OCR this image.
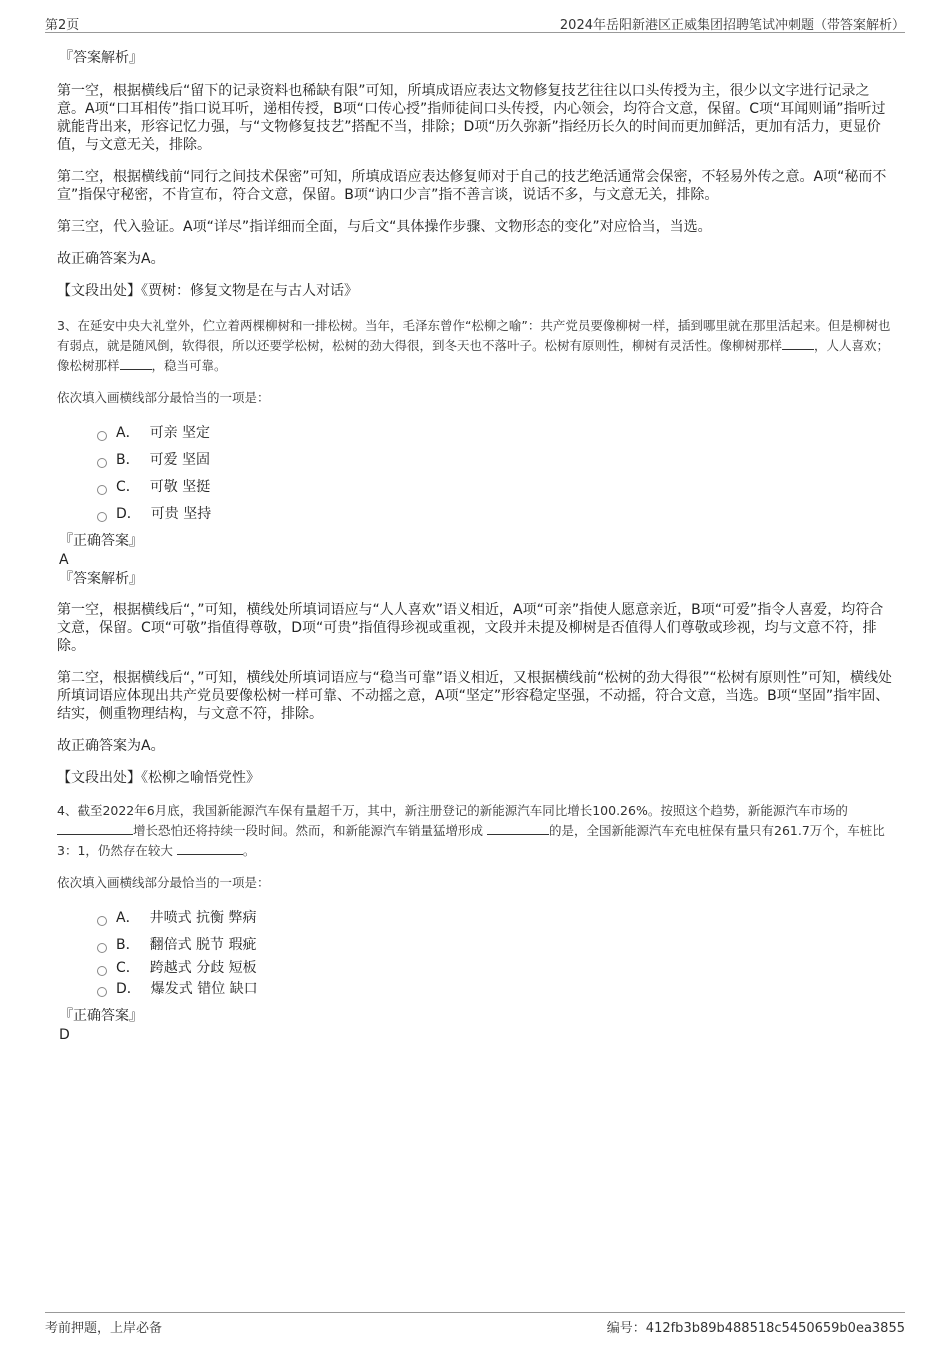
第2页	2024年岳阳新港区正威集团招聘笔试冲刺题（带答案解析）
『答案解析』

第一空，根据横线后“留下的记录资料也稀缺有限”可知，所填成语应表达文物修复技艺往往以口头传授为主，很少以文字进行记录之意。A项“口耳相传”指口说耳听，递相传授，B项“口传心授”指师徒间口头传授，内心领会，均符合文意，保留。C项“耳闻则诵”指听过就能背出来，形容记忆力强，与“文物修复技艺”搭配不当，排除；D项“历久弥新”指经历长久的时间而更加鲜活，更加有活力，更显价值，与文意无关，排除。

第二空，根据横线前“同行之间技术保密”可知，所填成语应表达修复师对于自己的技艺绝活通常会保密，不轻易外传之意。A项“秘而不宣”指保守秘密，不肯宣布，符合文意，保留。B项“讷口少言”指不善言谈，说话不多，与文意无关，排除。

第三空，代入验证。A项“详尽”指详细而全面，与后文“具体操作步骤、文物形态的变化”对应恰当，当选。

故正确答案为A。

【文段出处】《贾树：修复文物是在与古人对话》

3、在延安中央大礼堂外，伫立着两棵柳树和一排松树。当年，毛泽东曾作“松柳之喻”：共产党员要像柳树一样，插到哪里就在那里活起来。但是柳树也有弱点，就是随风倒，软得很，所以还要学松树，松树的劲大得很，到冬天也不落叶子。松树有原则性，柳树有灵活性。像柳树那样	，人人喜欢；像松树那样	，稳当可靠。

依次填入画横线部分最恰当的一项是：

A． 可亲 坚定
B． 可爱 坚固
C． 可敬 坚挺
D． 可贵 坚持
『正确答案』
A
『答案解析』

第一空，根据横线后“，”可知，横线处所填词语应与“人人喜欢”语义相近，A项“可亲”指使人愿意亲近，B项“可爱”指令人喜爱，均符合文意，保留。C项“可敬”指值得尊敬，D项“可贵”指值得珍视或重视，文段并未提及柳树是否值得人们尊敬或珍视，均与文意不符，排除。

第二空，根据横线后“，”可知，横线处所填词语应与“稳当可靠”语义相近，又根据横线前“松树的劲大得很”“松树有原则性”可知，横线处所填词语应体现出共产党员要像松树一样可靠、不动摇之意，A项“坚定”形容稳定坚强，不动摇，符合文意，当选。B项“坚固”指牢固、结实，侧重物理结构，与文意不符，排除。

故正确答案为A。

【文段出处】《松柳之喻悟党性》

4、截至2022年6月底，我国新能源汽车保有量超千万，其中，新注册登记的新能源汽车同比增长100.26%。按照这个趋势，新能源汽车市场的增长恐怕还将持续一段时间。然而，和新能源汽车销量猛增形成	的是，全国新能源汽车充电桩保有量只有261.7万个，车桩比3：1，仍然存在较大	。

依次填入画横线部分最恰当的一项是：

A． 井喷式 抗衡 弊病
B． 翻倍式 脱节 瑕疵
C． 跨越式 分歧 短板
D． 爆发式 错位 缺口
『正确答案』
D
考前押题，上岸必备	编号：412fb3b89b488518c5450659b0ea3855
